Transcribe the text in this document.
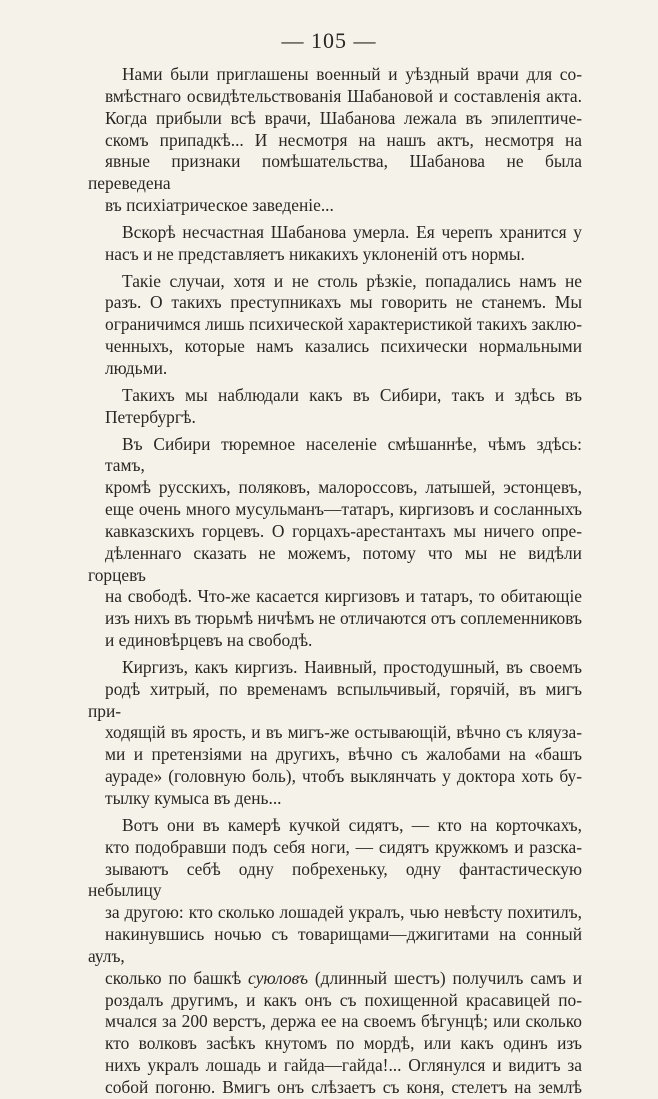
— 105 —

Нами были приглашены военный и уѣздный врачи для со-
вмѣстнаго освидѣтельствованія Шабановой и составленія акта.
Когда прибыли всѣ врачи, Шабанова лежала въ эпилептиче-
скомъ припадкѣ... И несмотря на нашъ актъ, несмотря на
явные признаки помѣшательства, Шабанова не была переведена
въ психіатрическое заведеніе...

Вскорѣ несчастная Шабанова умерла. Ея черепъ хранится у
насъ и не представляетъ никакихъ уклоненій отъ нормы.

Такіе случаи, хотя и не столь рѣзкіе, попадались намъ не
разъ. О такихъ преступникахъ мы говорить не станемъ. Мы
ограничимся лишь психической характеристикой такихъ заклю-
ченныхъ, которые намъ казались психически нормальными
людьми.

Такихъ мы наблюдали какъ въ Сибири, такъ и здѣсь въ
Петербургѣ.

Въ Сибири тюремное населеніе смѣшаннѣе, чѣмъ здѣсь: тамъ,
кромѣ русскихъ, поляковъ, малороссовъ, латышей, эстонцевъ,
еще очень много мусульманъ—татаръ, киргизовъ и сосланныхъ
кавказскихъ горцевъ. О горцахъ-арестантахъ мы ничего опре-
дѣленнаго сказать не можемъ, потому что мы не видѣли горцевъ
на свободѣ. Что-же касается киргизовъ и татаръ, то обитающіе
изъ нихъ въ тюрьмѣ ничѣмъ не отличаются отъ соплеменниковъ
и единовѣрцевъ на свободѣ.

Киргизъ, какъ киргизъ. Наивный, простодушный, въ своемъ
родѣ хитрый, по временамъ вспыльчивый, горячій, въ мигъ при-
ходящій въ ярость, и въ мигъ-же остывающій, вѣчно съ кляуза-
ми и претензіями на другихъ, вѣчно съ жалобами на «башъ
ауpаде» (головную боль), чтобъ выклянчать у доктора хоть бу-
тылку кумыса въ день...

Вотъ они въ камерѣ кучкой сидятъ, — кто на корточкахъ,
кто подобравши подъ себя ноги, — сидятъ кружкомъ и разска-
зываютъ себѣ одну побрехеньку, одну фантастическую небылицу
за другою: кто сколько лошадей укралъ, чью невѣсту похитилъ,
накинувшись ночью съ товарищами—джигитами на сонный аулъ,
сколько по башкѣ суюловъ (длинный шестъ) получилъ самъ и
роздалъ другимъ, и какъ онъ съ похищенной красавицей по-
мчался за 200 верстъ, держа ее на своемъ бѣгунцѣ; или сколько
кто волковъ засѣкъ кнутомъ по мордѣ, или какъ одинъ изъ
нихъ укралъ лошадь и гайда—гайда!... Оглянулся и видитъ за
собой погоню. Вмигъ онъ слѣзаетъ съ коня, стелетъ на землѣ
